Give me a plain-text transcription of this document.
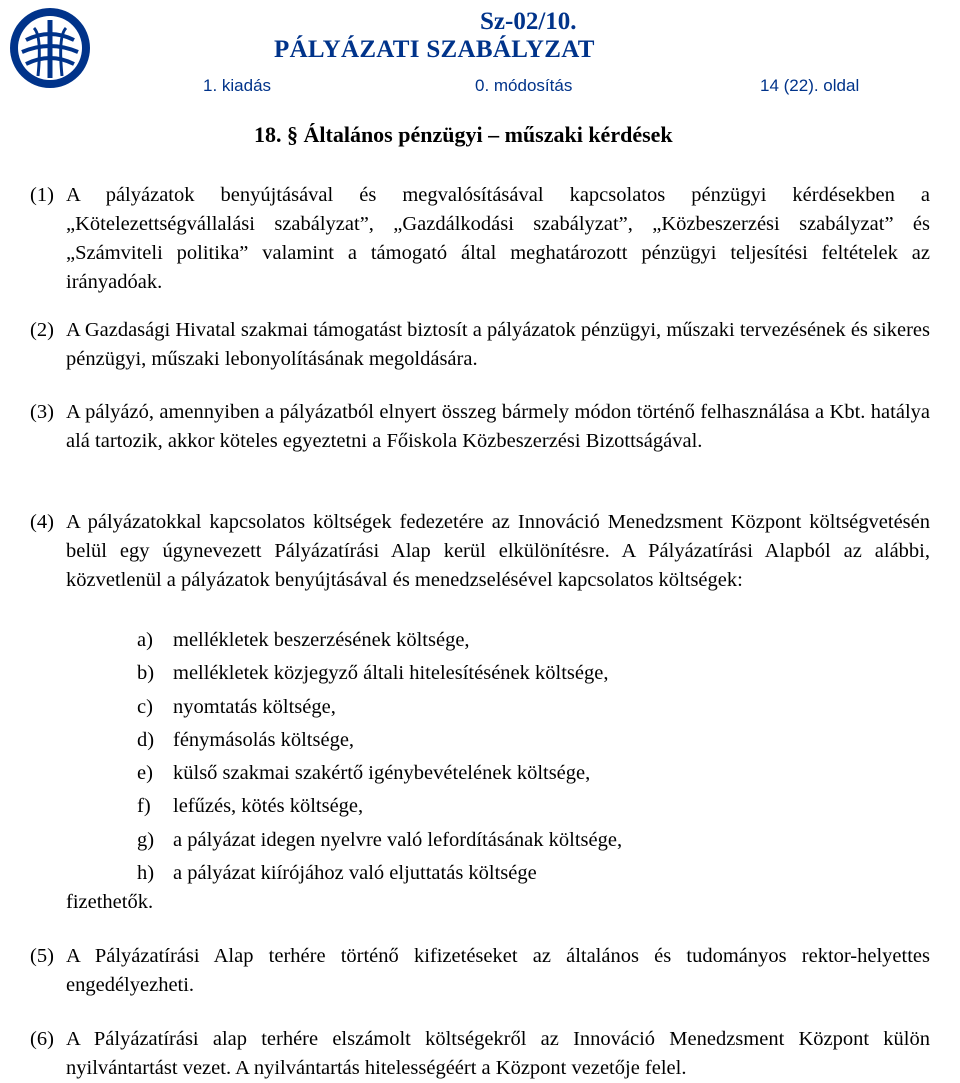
Sz-02/10.
PÁLYÁZATI SZABÁLYZAT
1. kiadás	0. módosítás	14 (22). oldal
18. § Általános pénzügyi – műszaki kérdések
(1) A pályázatok benyújtásával és megvalósításával kapcsolatos pénzügyi kérdésekben a „Kötelezettségvállalási szabályzat”, „Gazdálkodási szabályzat”, „Közbeszerzési szabályzat” és „Számviteli politika” valamint a támogató által meghatározott pénzügyi teljesítési feltételek az irányadóak.
(2) A Gazdasági Hivatal szakmai támogatást biztosít a pályázatok pénzügyi, műszaki tervezésének és sikeres pénzügyi, műszaki lebonyolításának megoldására.
(3) A pályázó, amennyiben a pályázatból elnyert összeg bármely módon történő felhasználása a Kbt. hatálya alá tartozik, akkor köteles egyeztetni a Főiskola Közbeszerzési Bizottságával.
(4) A pályázatokkal kapcsolatos költségek fedezetére az Innováció Menedzsment Központ költségvetésén belül egy úgynevezett Pályázatírási Alap kerül elkülönítésre. A Pályázatírási Alapból az alábbi, közvetlenül a pályázatok benyújtásával és menedzselésével kapcsolatos költségek:
a) mellékletek beszerzésének költsége,
b) mellékletek közjegyző általi hitelesítésének költsége,
c) nyomtatás költsége,
d) fénymásolás költsége,
e) külső szakmai szakértő igénybevételének költsége,
f) lefűzés, kötés költsége,
g) a pályázat idegen nyelvre való lefordításának költsége,
h) a pályázat kiírójához való eljuttatás költsége
fizethetők.
(5) A Pályázatírási Alap terhére történő kifizetéseket az általános és tudományos rektor-helyettes engedélyezheti.
(6) A Pályázatírási alap terhére elszámolt költségekről az Innováció Menedzsment Központ külön nyilvántartást vezet. A nyilvántartás hitelességéért a Központ vezetője felel.
